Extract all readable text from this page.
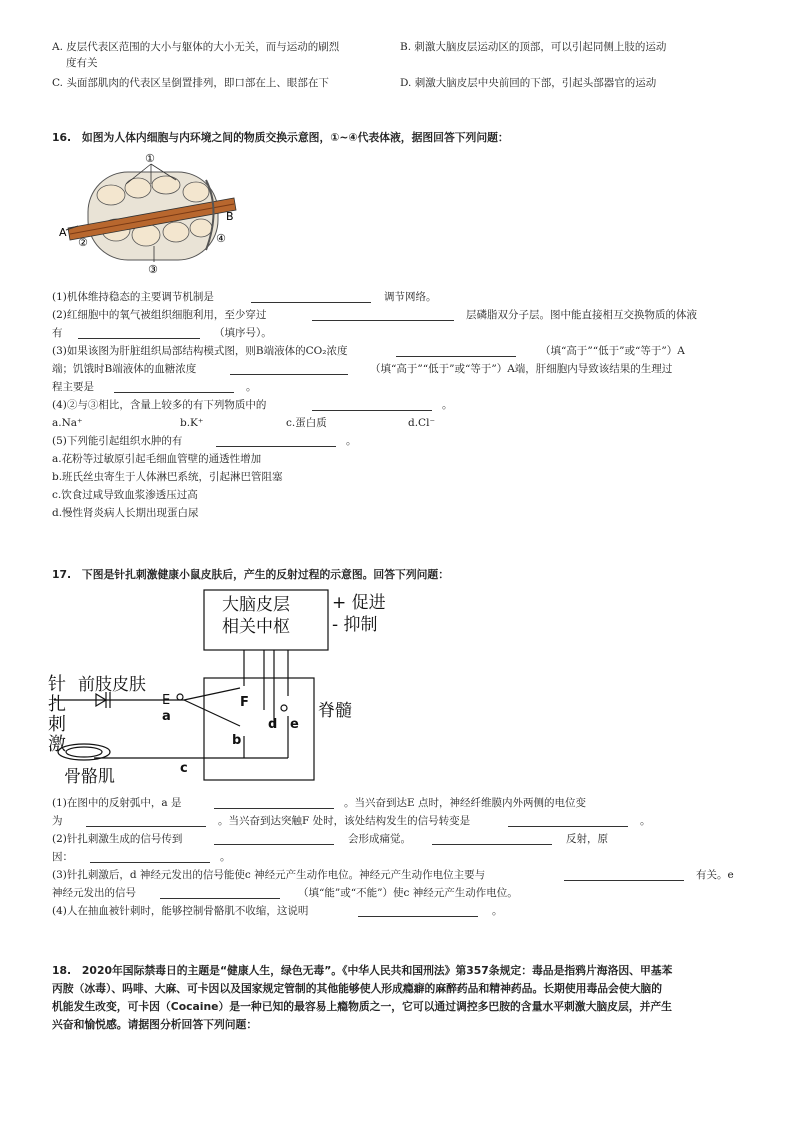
A. 皮层代表区范围的大小与躯体的大小无关，而与运动的刷烈
度有关
B. 刺激大脑皮层运动区的顶部，可以引起同侧上肢的运动
C. 头面部肌肉的代表区呈倒置排列，即口部在上、眼部在下	D. 刺激大脑皮层中央前回的下部，引起头部器官的运动
16.　如图为人体内细胞与内环境之间的物质交换示意图，①~④代表体液，据图回答下列问题：
①
A
B
②	④
③
(1)机体维持稳态的主要调节机制是	调节网络。
(2)红细胞中的氧气被组织细胞利用，至少穿过	层磷脂双分子层。图中能直接相互交换物质的体液
有	（填序号）。
(3)如果该图为肝脏组织局部结构模式图，则B端液体的CO₂浓度	（填“高于”“低于”或“等于”）A
端；饥饿时B端液体的血糖浓度	（填“高于”“低于”或“等于”）A端，肝细胞内导致该结果的生理过
程主要是	。
(4)②与③相比，含量上较多的有下列物质中的	。
a.Na⁺	b.K⁺	c.蛋白质	d.Cl⁻
(5)下列能引起组织水肿的有	。
a.花粉等过敏原引起毛细血管壁的通透性增加
b.班氏丝虫寄生于人体淋巴系统，引起淋巴管阻塞
c.饮食过咸导致血浆渗透压过高
d.慢性肾炎病人长期出现蛋白尿
17.　下图是针扎刺激健康小鼠皮肤后，产生的反射过程的示意图。回答下列问题：
大脑皮层
相关中枢
+ 促进
- 抑制
针
扎
刺
激
前肢皮肤
脊髓
骨骼肌
E
a
F
d e
b
c
(1)在图中的反射弧中，a 是	。当兴奋到达E 点时，神经纤维膜内外两侧的电位变
为	。当兴奋到达突触F 处时，该处结构发生的信号转变是	。
(2)针扎刺激生成的信号传到	会形成痛觉。	反射，原
因：	。
(3)针扎刺激后，d 神经元发出的信号能使c 神经元产生动作电位。神经元产生动作电位主要与	有关。e
神经元发出的信号	（填“能”或“不能”）使c 神经元产生动作电位。
(4)人在抽血被针刺时，能够控制骨骼肌不收缩，这说明	。
18.　2020年国际禁毒日的主题是“健康人生，绿色无毒”。《中华人民共和国刑法》第357条规定：毒品是指鸦片海洛因、甲基苯
丙胺（冰毒）、吗啡、大麻、可卡因以及国家规定管制的其他能够使人形成瘾癖的麻醉药品和精神药品。长期使用毒品会使大脑的
机能发生改变，可卡因（Cocaine）是一种已知的最容易上瘾物质之一，它可以通过调控多巴胺的含量水平刺激大脑皮层，并产生
兴奋和愉悦感。请据图分析回答下列问题：
